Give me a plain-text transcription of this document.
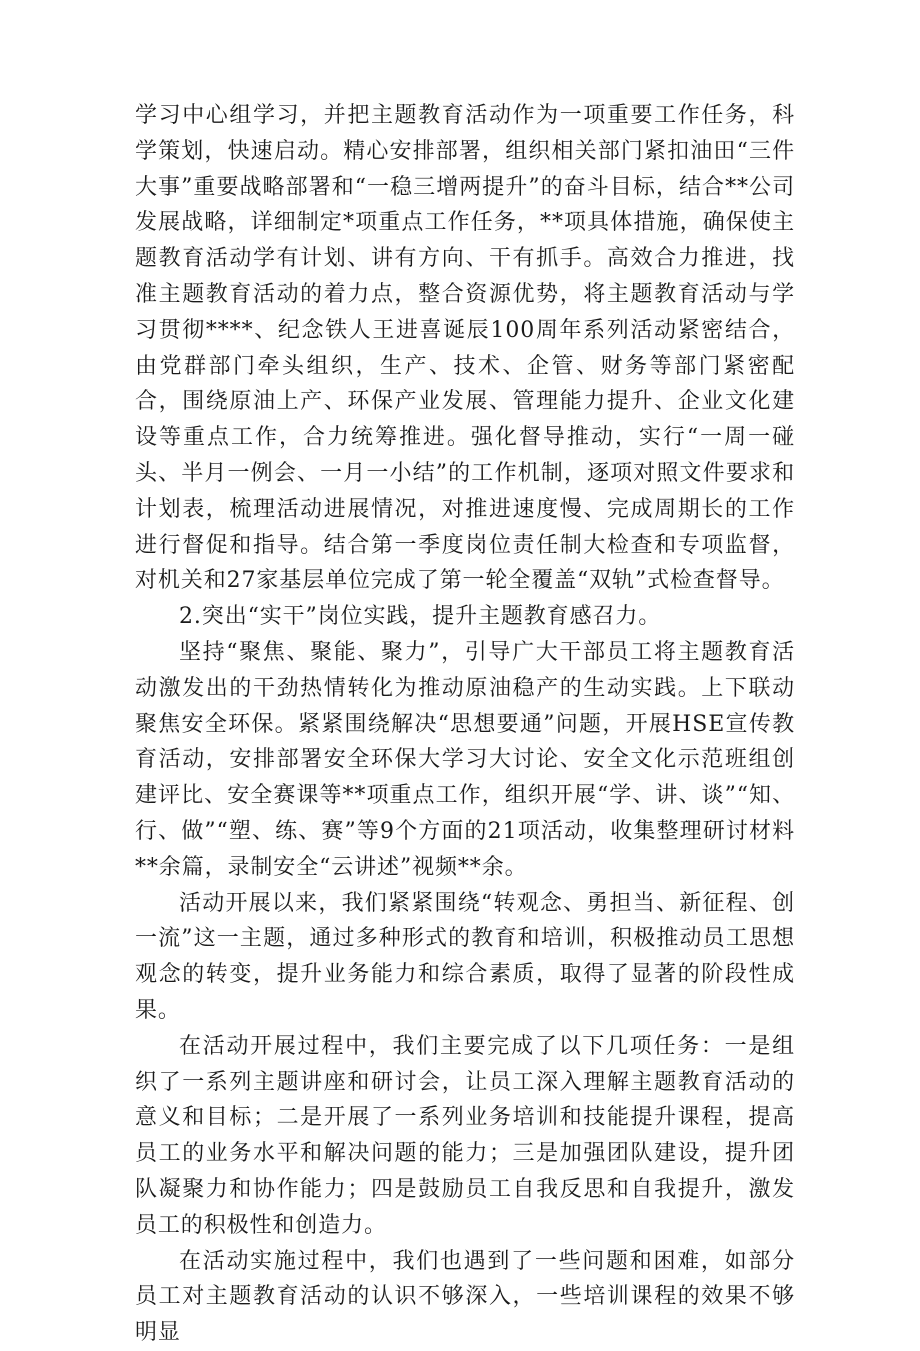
学习中心组学习，并把主题教育活动作为一项重要工作任务，科学策划，快速启动。精心安排部署，组织相关部门紧扣油田“三件大事”重要战略部署和“一稳三增两提升”的奋斗目标，结合**公司发展战略，详细制定*项重点工作任务，**项具体措施，确保使主题教育活动学有计划、讲有方向、干有抓手。高效合力推进，找准主题教育活动的着力点，整合资源优势，将主题教育活动与学习贯彻****、纪念铁人王进喜诞辰100周年系列活动紧密结合，由党群部门牵头组织，生产、技术、企管、财务等部门紧密配合，围绕原油上产、环保产业发展、管理能力提升、企业文化建设等重点工作，合力统筹推进。强化督导推动，实行“一周一碰头、半月一例会、一月一小结”的工作机制，逐项对照文件要求和计划表，梳理活动进展情况，对推进速度慢、完成周期长的工作进行督促和指导。结合第一季度岗位责任制大检查和专项监督，对机关和27家基层单位完成了第一轮全覆盖“双轨”式检查督导。

2.突出“实干”岗位实践，提升主题教育感召力。

坚持“聚焦、聚能、聚力”，引导广大干部员工将主题教育活动激发出的干劲热情转化为推动原油稳产的生动实践。上下联动聚焦安全环保。紧紧围绕解决“思想要通”问题，开展HSE宣传教育活动，安排部署安全环保大学习大讨论、安全文化示范班组创建评比、安全赛课等**项重点工作，组织开展“学、讲、谈”“知、行、做”“塑、练、赛”等9个方面的21项活动，收集整理研讨材料**余篇，录制安全“云讲述”视频**余。

活动开展以来，我们紧紧围绕“转观念、勇担当、新征程、创一流”这一主题，通过多种形式的教育和培训，积极推动员工思想观念的转变，提升业务能力和综合素质，取得了显著的阶段性成果。

在活动开展过程中，我们主要完成了以下几项任务：一是组织了一系列主题讲座和研讨会，让员工深入理解主题教育活动的意义和目标；二是开展了一系列业务培训和技能提升课程，提高员工的业务水平和解决问题的能力；三是加强团队建设，提升团队凝聚力和协作能力；四是鼓励员工自我反思和自我提升，激发员工的积极性和创造力。

在活动实施过程中，我们也遇到了一些问题和困难，如部分员工对主题教育活动的认识不够深入，一些培训课程的效果不够明显
